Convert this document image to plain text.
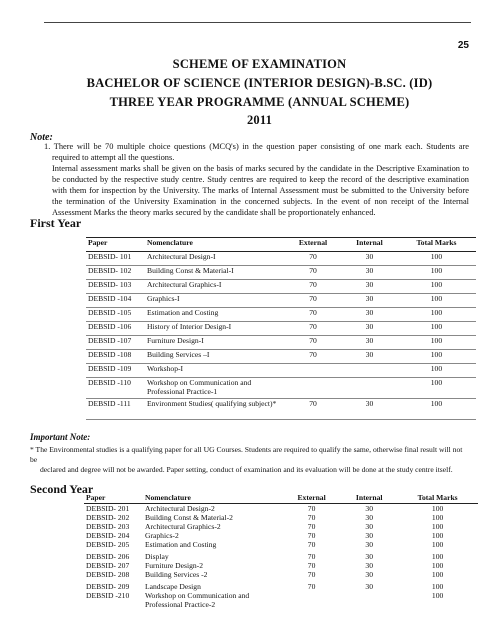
25
SCHEME OF EXAMINATION
BACHELOR OF SCIENCE (INTERIOR DESIGN)-B.SC. (ID)
THREE YEAR PROGRAMME (ANNUAL SCHEME)
2011
Note:

1. There will be 70 multiple choice questions (MCQ's) in the question paper consisting of one mark each. Students are required to attempt all the questions.

Internal assessment marks shall be given on the basis of marks secured by the candidate in the Descriptive Examination to be conducted by the respective study centre. Study centres are required to keep the record of the descriptive examination with them for inspection by the University. The marks of Internal Assessment must be submitted to the University before the termination of the University Examination in the concerned subjects. In the event of non receipt of the Internal Assessment Marks the theory marks secured by the candidate shall be proportionately enhanced.

First Year
Paper	Nomenclature	External	Internal	Total Marks
DEBSID- 101	Architectural Design-I	70	30	100
DEBSID- 102	Building Const & Material-I	70	30	100
DEBSID- 103	Architectural Graphics-I	70	30	100
DEBSID -104	Graphics-I	70	30	100
DEBSID -105	Estimation and Costing	70	30	100
DEBSID -106	History of Interior Design-I	70	30	100
DEBSID -107	Furniture Design-I	70	30	100
DEBSID -108	Building Services –I	70	30	100
DEBSID -109	Workshop-I			100
DEBSID -110	Workshop on Communication and Professional Practice-1			100
DEBSID -111	Environment Studies( qualifying subject)*	70	30	100
Important Note:
* The Environmental studies is a qualifying paper for all UG Courses. Students are required to qualify the same, otherwise final result will not be
declared and degree will not be awarded. Paper setting, conduct of examination and its evaluation will be done at the study centre itself.
Second Year
Paper	Nomenclature	External	Internal	Total Marks
DEBSID- 201	Architectural Design-2	70	30	100
DEBSID- 202	Building Const & Material-2	70	30	100
DEBSID- 203	Architectural Graphics-2	70	30	100
DEBSID- 204	Graphics-2	70	30	100
DEBSID- 205	Estimation and Costing	70	30	100
DEBSID- 206	Display	70	30	100
DEBSID- 207	Furniture Design-2	70	30	100
DEBSID- 208	Building Services -2	70	30	100
DEBSID- 209	Landscape Design	70	30	100
DEBSID -210	Workshop on Communication and Professional Practice-2			100
